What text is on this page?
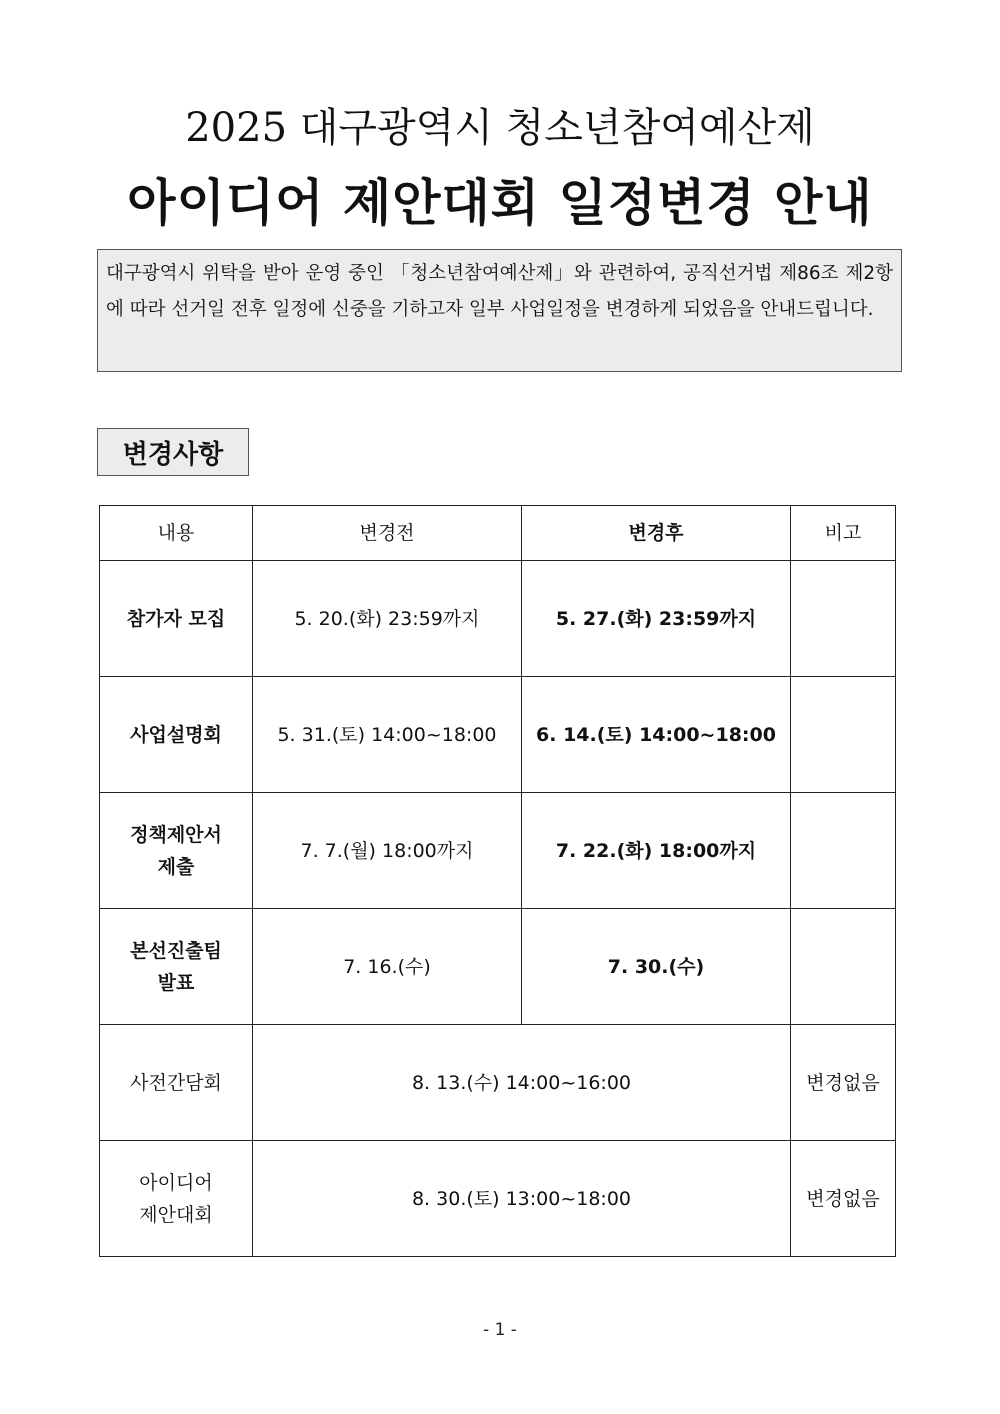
2025 대구광역시 청소년참여예산제
아이디어 제안대회 일정변경 안내

대구광역시 위탁을 받아 운영 중인 「청소년참여예산제」와 관련하여, 공직선거법 제86조 제2항에 따라 선거일 전후 일정에 신중을 기하고자 일부 사업일정을 변경하게 되었음을 안내드립니다.

변경사항
내용	변경전	변경후	비고
참가자 모집	5. 20.(화) 23:59까지	5. 27.(화) 23:59까지	
사업설명회	5. 31.(토) 14:00~18:00	6. 14.(토) 14:00~18:00	
정책제안서
제출	7. 7.(월) 18:00까지	7. 22.(화) 18:00까지	
본선진출팀
발표	7. 16.(수)	7. 30.(수)	
사전간담회	8. 13.(수) 14:00~16:00		변경없음
아이디어
제안대회	8. 30.(토) 13:00~18:00		변경없음
- 1 -
